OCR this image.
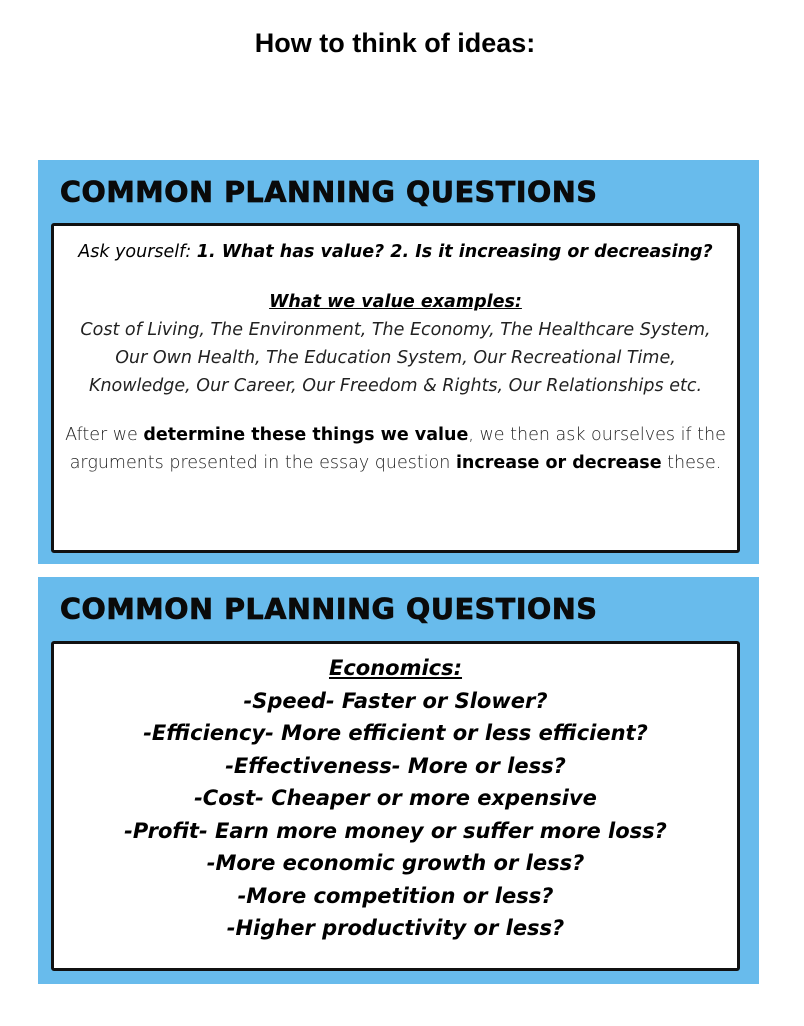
How to think of ideas:
COMMON PLANNING QUESTIONS

Ask yourself: 1. What has value? 2. Is it increasing or decreasing?

What we value examples:

Cost of Living, The Environment, The Economy, The Healthcare System, Our Own Health, The Education System, Our Recreational Time, Knowledge, Our Career, Our Freedom & Rights, Our Relationships etc.

After we determine these things we value, we then ask ourselves if the arguments presented in the essay question increase or decrease these.

COMMON PLANNING QUESTIONS

Economics:

-Speed- Faster or Slower?
-Efficiency- More efficient or less efficient?
-Effectiveness- More or less?
-Cost- Cheaper or more expensive
-Profit- Earn more money or suffer more loss?
-More economic growth or less?
-More competition or less?
-Higher productivity or less?
